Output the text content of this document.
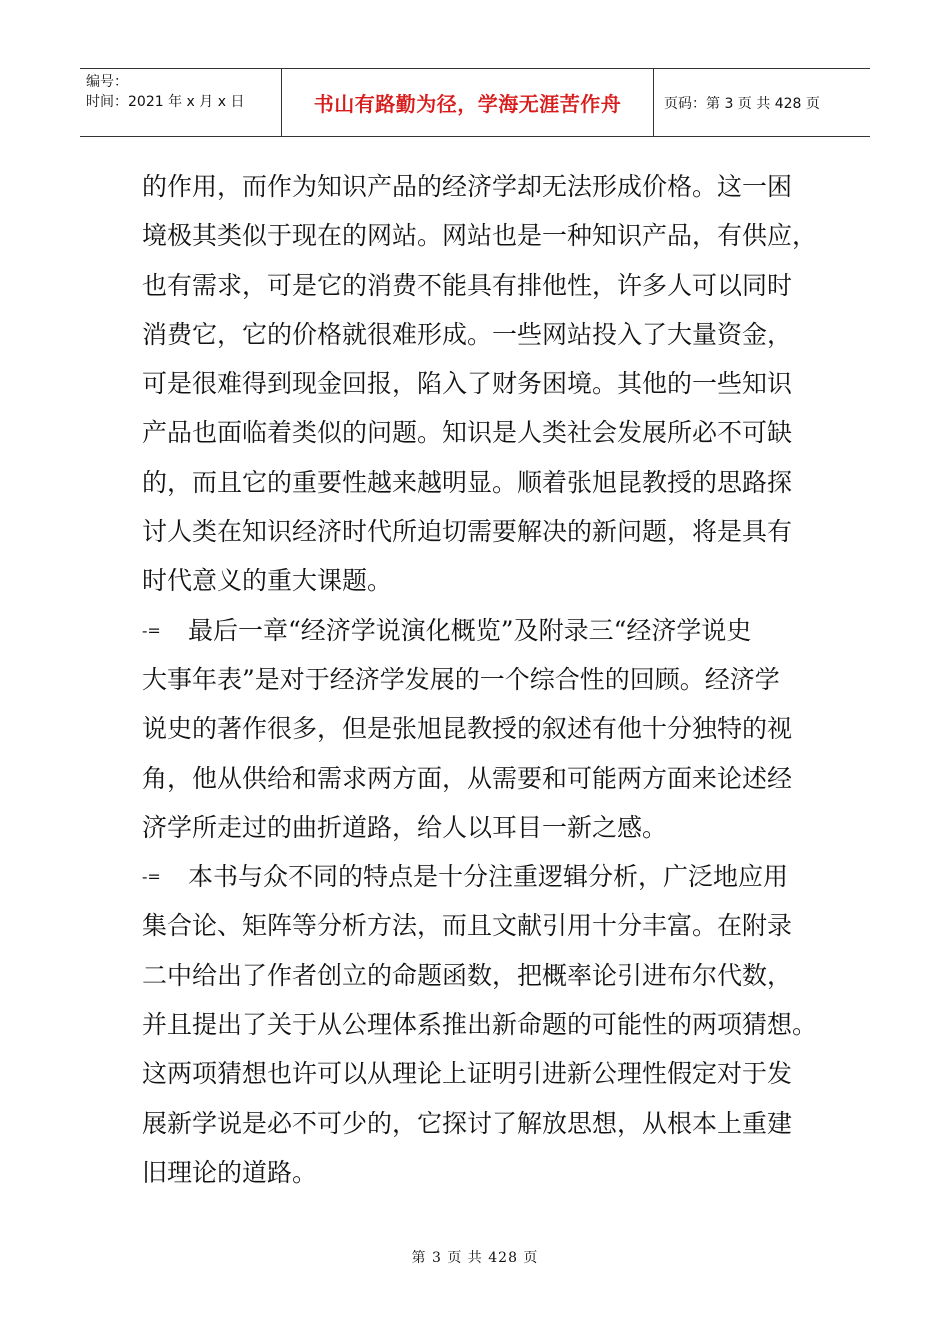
编号：
时间：2021 年 x 月 x 日	书山有路勤为径，学海无涯苦作舟	页码：第 3 页 共 428 页
的作用，而作为知识产品的经济学却无法形成价格。这一困
境极其类似于现在的网站。网站也是一种知识产品，有供应，
也有需求，可是它的消费不能具有排他性，许多人可以同时
消费它，它的价格就很难形成。一些网站投入了大量资金，
可是很难得到现金回报，陷入了财务困境。其他的一些知识
产品也面临着类似的问题。知识是人类社会发展所必不可缺
的，而且它的重要性越来越明显。顺着张旭昆教授的思路探
讨人类在知识经济时代所迫切需要解决的新问题，将是具有
时代意义的重大课题。
-= 最后一章“经济学说演化概览”及附录三“经济学说史
大事年表”是对于经济学发展的一个综合性的回顾。经济学
说史的著作很多，但是张旭昆教授的叙述有他十分独特的视
角，他从供给和需求两方面，从需要和可能两方面来论述经
济学所走过的曲折道路，给人以耳目一新之感。
-= 本书与众不同的特点是十分注重逻辑分析，广泛地应用
集合论、矩阵等分析方法，而且文献引用十分丰富。在附录
二中给出了作者创立的命题函数，把概率论引进布尔代数，
并且提出了关于从公理体系推出新命题的可能性的两项猜想。
这两项猜想也许可以从理论上证明引进新公理性假定对于发
展新学说是必不可少的，它探讨了解放思想，从根本上重建
旧理论的道路。
第 3 页 共 428 页
